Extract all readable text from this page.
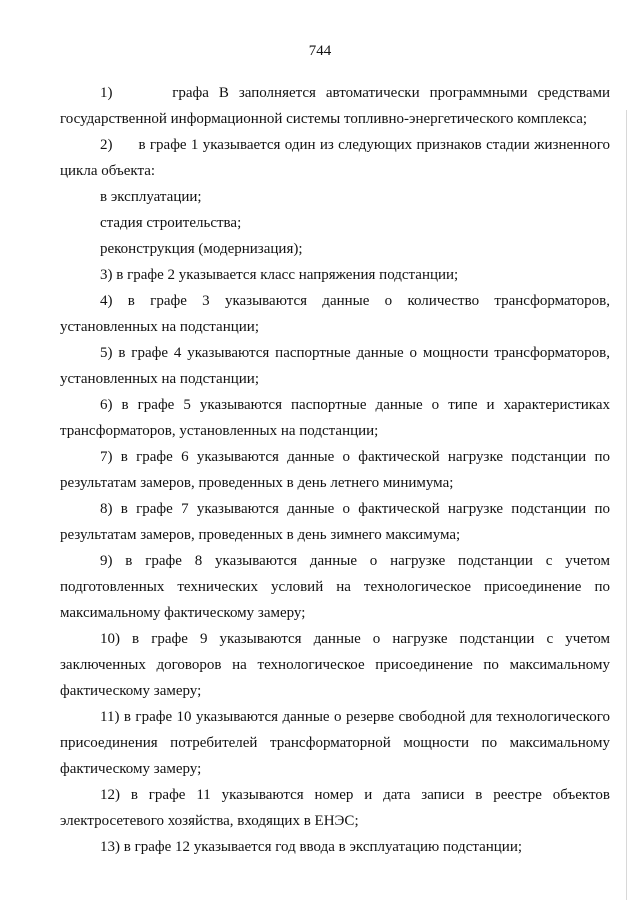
744

1)      графа В заполняется автоматически программными средствами государственной информационной системы топливно-энергетического комплекса;

2)      в графе 1 указывается один из следующих признаков стадии жизненного цикла объекта:

в эксплуатации;

стадия строительства;

реконструкция (модернизация);

3) в графе 2 указывается класс напряжения подстанции;

4) в графе 3 указываются данные о количество трансформаторов, установленных на подстанции;

5) в графе 4 указываются паспортные данные о мощности трансформаторов, установленных на подстанции;

6) в графе 5 указываются паспортные данные о типе и характеристиках трансформаторов, установленных на подстанции;

7) в графе 6 указываются данные о фактической нагрузке подстанции по результатам замеров, проведенных в день летнего минимума;

8) в графе 7 указываются данные о фактической нагрузке подстанции по результатам замеров, проведенных в день зимнего максимума;

9) в графе 8 указываются данные о нагрузке подстанции с учетом подготовленных технических условий на технологическое присоединение по максимальному фактическому замеру;

10) в графе 9 указываются данные о нагрузке подстанции с учетом заключенных договоров на технологическое присоединение по максимальному фактическому замеру;

11) в графе 10 указываются данные о резерве свободной для технологического присоединения потребителей трансформаторной мощности по максимальному фактическому замеру;

12) в графе 11 указываются номер и дата записи в реестре объектов электросетевого хозяйства, входящих в ЕНЭС;

13) в графе 12 указывается год ввода в эксплуатацию подстанции;
